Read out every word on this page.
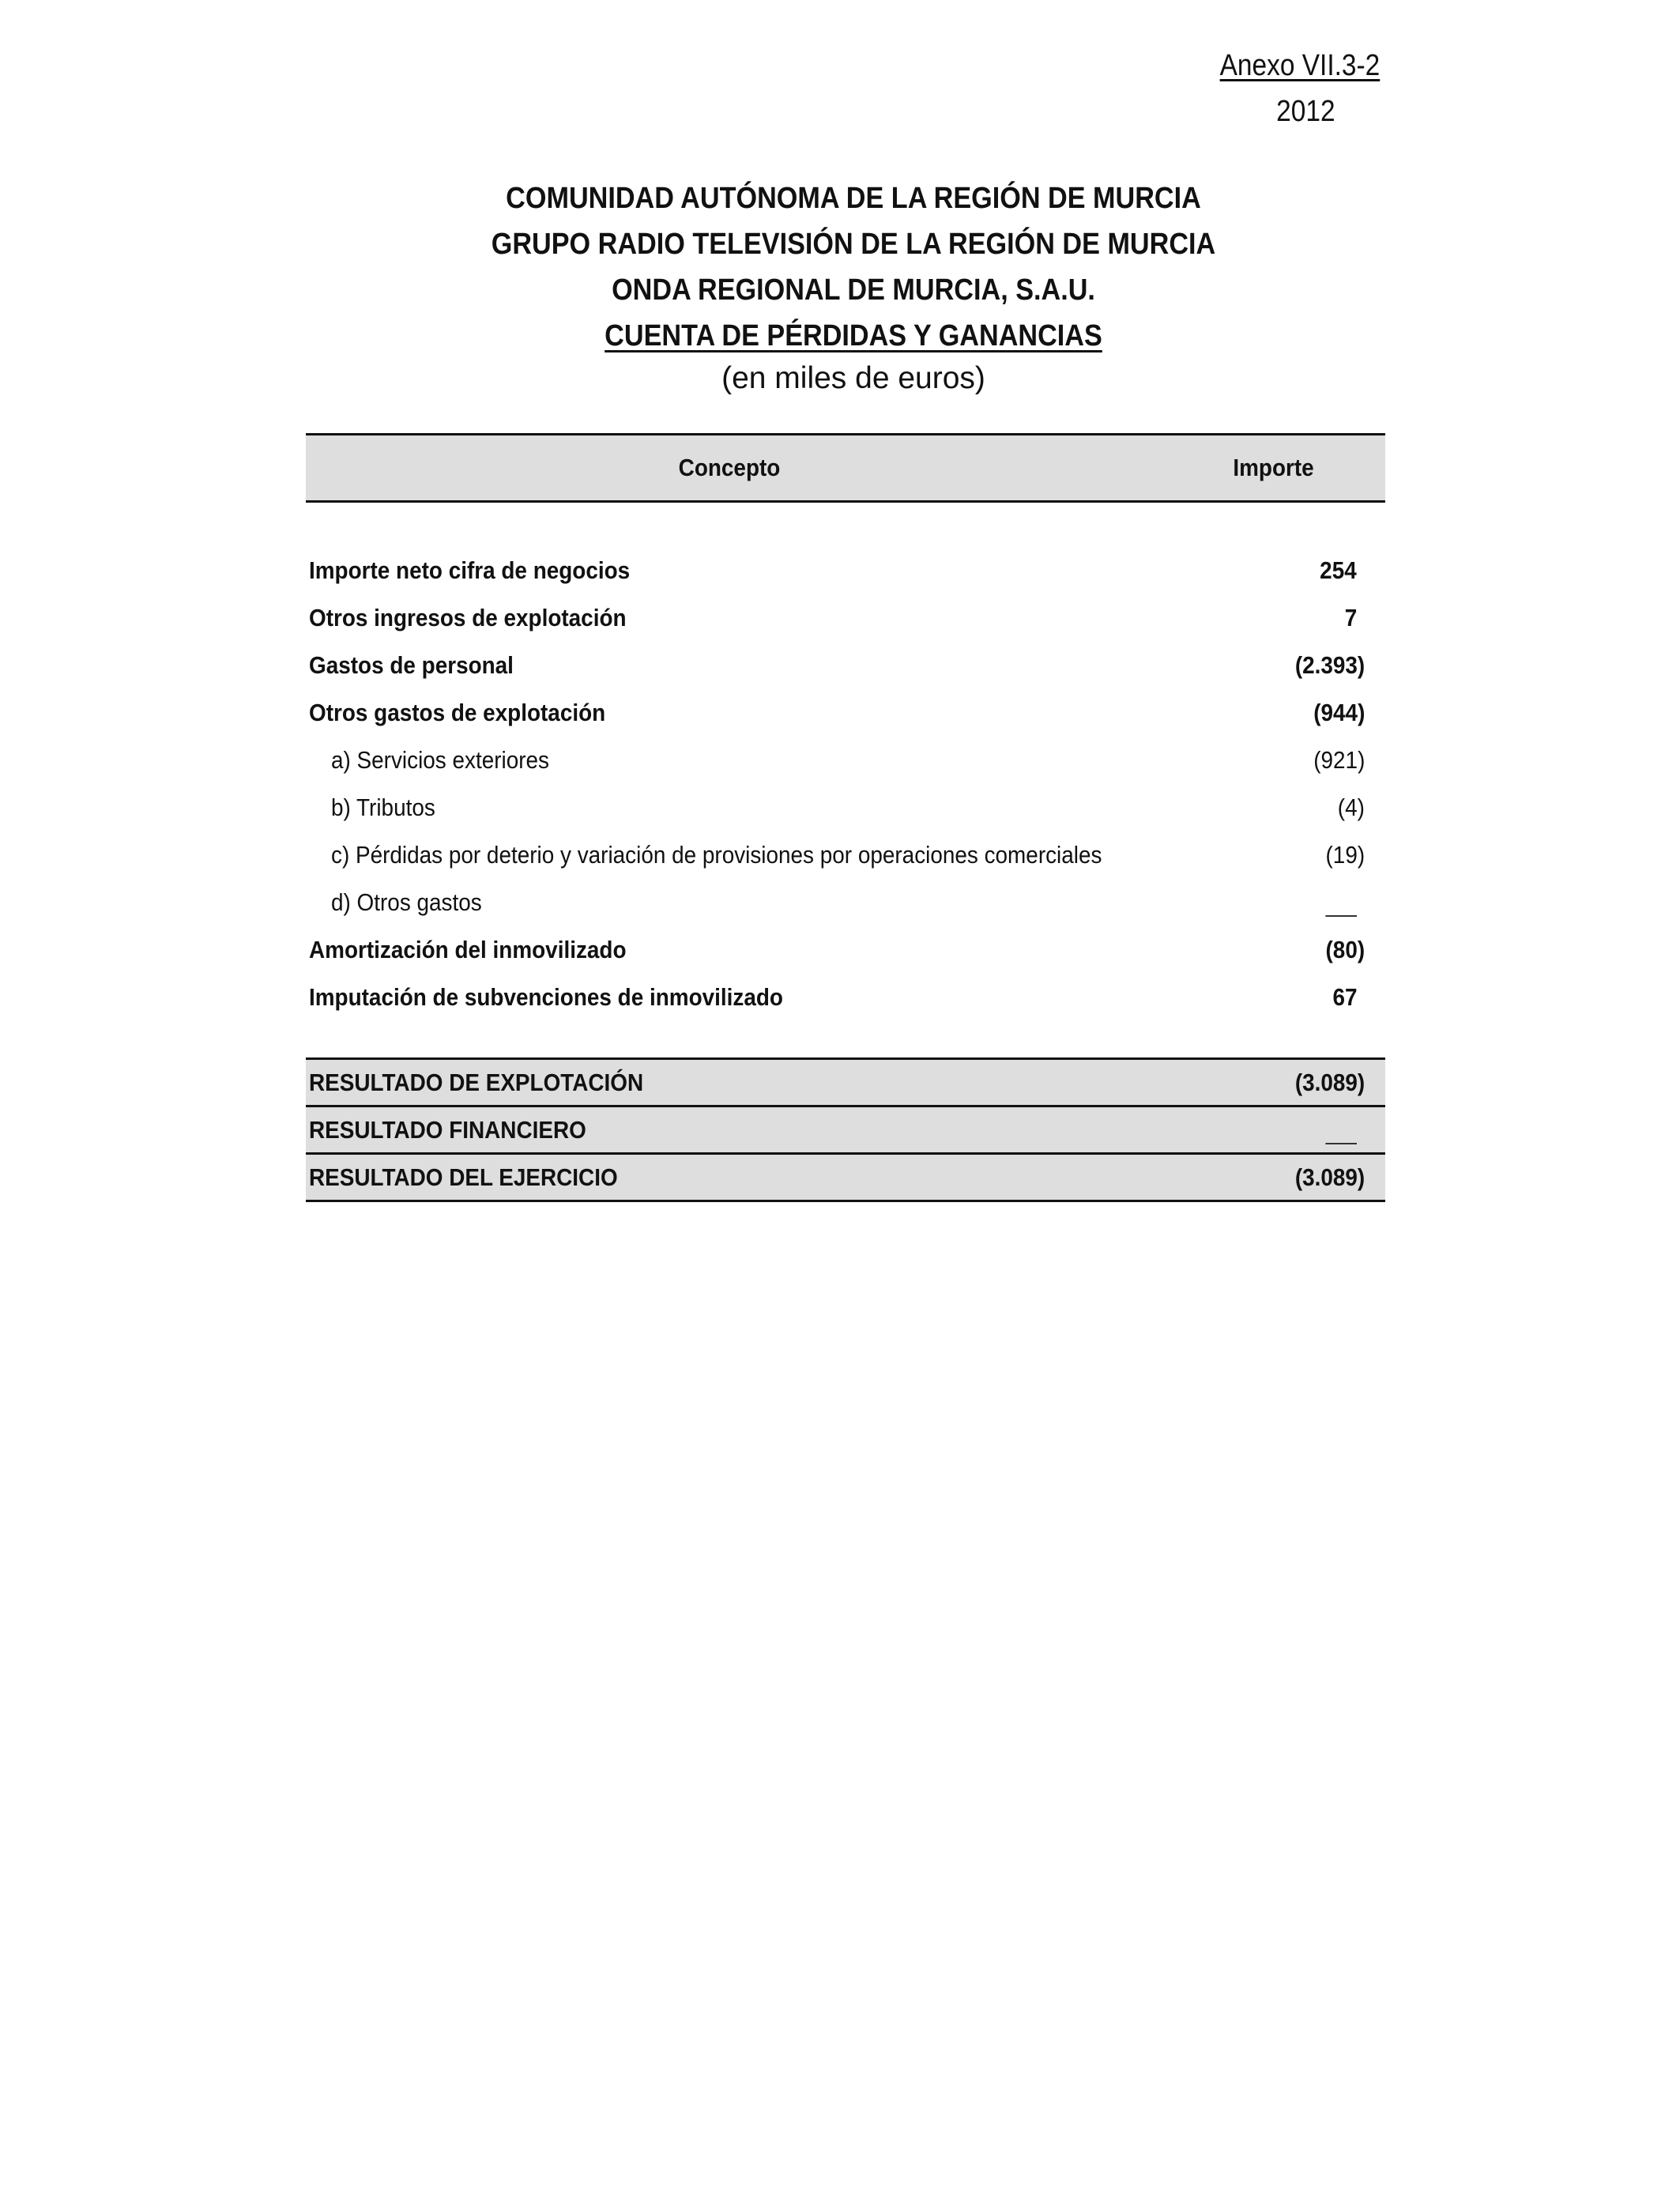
Anexo VII.3-2
2012
COMUNIDAD AUTÓNOMA DE LA REGIÓN DE MURCIA
GRUPO RADIO TELEVISIÓN DE LA REGIÓN DE MURCIA
ONDA REGIONAL DE MURCIA, S.A.U.
CUENTA DE PÉRDIDAS Y GANANCIAS
(en miles de euros)
Concepto	Importe
Importe neto cifra de negocios	254
Otros ingresos de explotación	7
Gastos de personal	(2.393)
Otros gastos de explotación	(944)
a) Servicios exteriores	(921)
b) Tributos	(4)
c) Pérdidas por deterio y variación de provisiones por operaciones comerciales	(19)
d) Otros gastos
Amortización del inmovilizado	(80)
Imputación de subvenciones de inmovilizado	67
RESULTADO DE EXPLOTACIÓN	(3.089)
RESULTADO FINANCIERO
RESULTADO DEL EJERCICIO	(3.089)
